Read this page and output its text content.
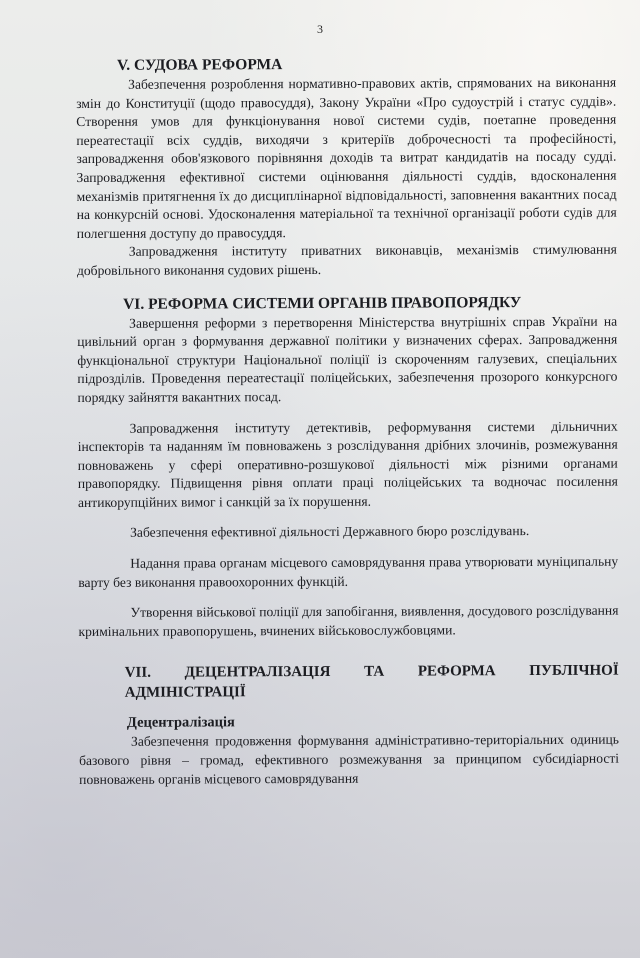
3
V. СУДОВА РЕФОРМА

Забезпечення розроблення нормативно-правових актів, спрямованих на виконання змін до Конституції (щодо правосуддя), Закону України «Про судоустрій і статус суддів». Створення умов для функціонування нової системи судів, поетапне проведення переатестації всіх суддів, виходячи з критеріїв доброчесності та професійності, запровадження обов'язкового порівняння доходів та витрат кандидатів на посаду судді. Запровадження ефективної системи оцінювання діяльності суддів, вдосконалення механізмів притягнення їх до дисциплінарної відповідальності, заповнення вакантних посад на конкурсній основі. Удосконалення матеріальної та технічної організації роботи судів для полегшення доступу до правосуддя.

Запровадження інституту приватних виконавців, механізмів стимулювання добровільного виконання судових рішень.

VI. РЕФОРМА СИСТЕМИ ОРГАНІВ ПРАВОПОРЯДКУ

Завершення реформи з перетворення Міністерства внутрішніх справ України на цивільний орган з формування державної політики у визначених сферах. Запровадження функціональної структури Національної поліції із скороченням галузевих, спеціальних підрозділів. Проведення переатестації поліцейських, забезпечення прозорого конкурсного порядку зайняття вакантних посад.

Запровадження інституту детективів, реформування системи дільничних інспекторів та наданням їм повноважень з розслідування дрібних злочинів, розмежування повноважень у сфері оперативно-розшукової діяльності між різними органами правопорядку. Підвищення рівня оплати праці поліцейських та водночас посилення антикорупційних вимог і санкцій за їх порушення.

Забезпечення ефективної діяльності Державного бюро розслідувань.

Надання права органам місцевого самоврядування права утворювати муніципальну варту без виконання правоохоронних функцій.

Утворення військової поліції для запобігання, виявлення, досудового розслідування кримінальних правопорушень, вчинених військовослужбовцями.

VII. ДЕЦЕНТРАЛІЗАЦІЯ ТА РЕФОРМА ПУБЛІЧНОЇ АДМІНІСТРАЦІЇ
Децентралізація

Забезпечення продовження формування адміністративно-територіальних одиниць базового рівня – громад, ефективного розмежування за принципом субсидіарності повноважень органів місцевого самоврядування
